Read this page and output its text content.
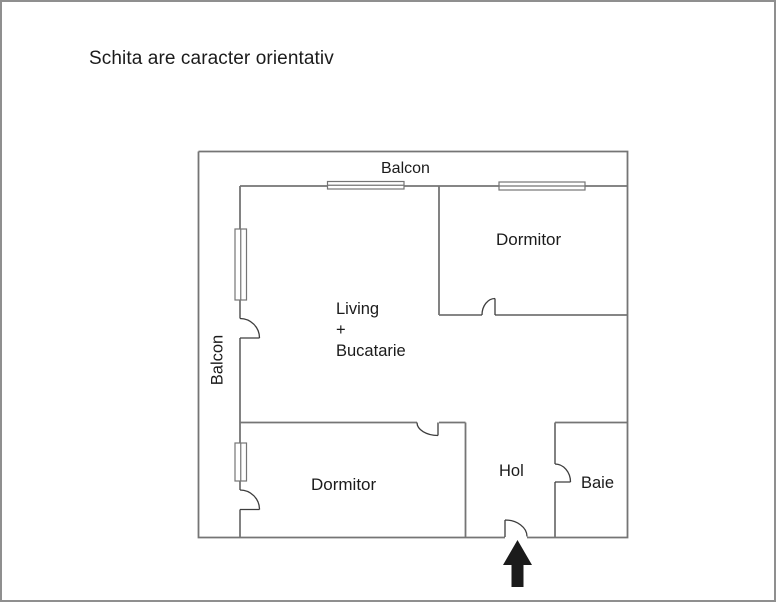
Schita are caracter orientativ
Balcon
Balcon
Dormitor
Living
+
Bucatarie
Dormitor
Hol
Baie
